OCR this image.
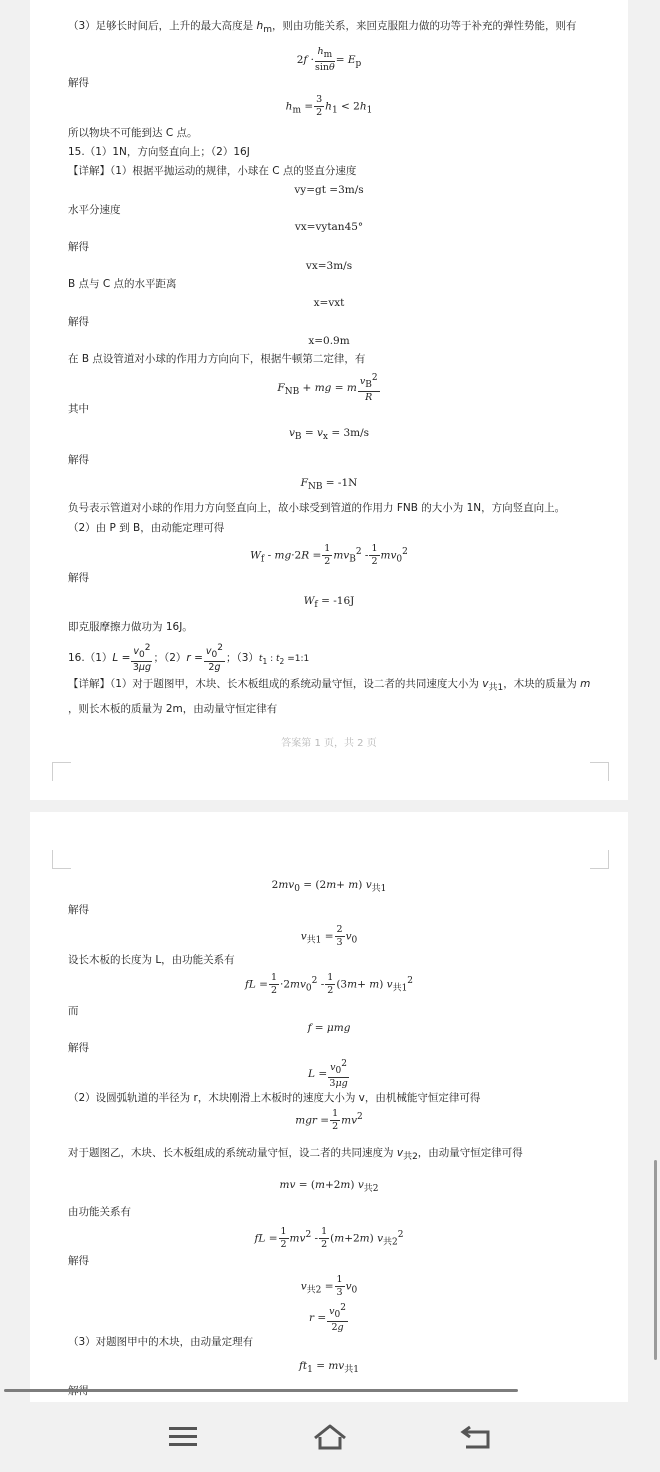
（3）足够长时间后，上升的最大高度是 $h_m$，则由功能关系，来回克服阻力做的功等于补充的弹性势能，则有
$2f \cdot \frac{h_m}{\sin\theta} = E_p$
解得
$h_m = \frac{3}{2} h_1 < 2h_1$
所以物块不可能到达 C 点。
15.（1）1N，方向竖直向上；（2）16J
【详解】（1）根据平抛运动的规律，小球在 C 点的竖直分速度
vy=gt =3m/s
水平分速度
vx=vytan45°
解得
vx=3m/s
B 点与 C 点的水平距离
x=vxt
解得
x=0.9m
在 B 点设管道对小球的作用力方向向下，根据牛顿第二定律，有
$F_{NB}$ + mg = m $\frac{v_B^2}{R}$
其中
$v_B = v_x = 3m/s$
解得
$F_{NB} = -1N$
负号表示管道对小球的作用力方向竖直向上，故小球受到管道的作用力 FNB 的大小为 1N，方向竖直向上。
（2）由 P 到 B，由动能定理可得
$W_f - mg\cdot 2R = \frac{1}{2} mv_B^2 - \frac{1}{2} mv_0^2$
解得
$W_f = -16J$
即克服摩擦力做功为 16J。
$16.(1)L = \frac{v_0^2}{3\mu g}$ ；$(2)r = \frac{v_0^2}{2g}$ ；$(3)t_1$ : $t_2$ =1:1
【详解】（1）对于题图甲，木块、长木板组成的系统动量守恒，设二者的共同速度大小为 $v_{共1}$，木块的质量为 m
，则长木板的质量为 2m，由动量守恒定律有
答案第 1 页，共 2 页
$2mv_0 = (2m+ m)$ $v_{共1}$
解得
$v_{共1} = \frac{2}{3} v_0$
设长木板的长度为 L，由功能关系有
fL = $\frac{1}{2} \cdot 2mv_0^2 - \frac{1}{2} (3m+ m)$ $v_{共1}^2$
而
f = μmg
解得
$L = \frac{v_0^2}{3\mu g}$
（2）设圆弧轨道的半径为 r，木块刚滑上木板时的速度大小为 v，由机械能守恒定律可得
mgr = $\frac{1}{2} mv^2$
对于题图乙，木块、长木板组成的系统动量守恒，设二者的共同速度为 $v_{共2}$，由动量守恒定律可得
mv = (m+2m) $v_{共2}$
由功能关系有
fL = $\frac{1}{2} mv^2 - \frac{1}{2} (m+2m)$ $v_{共2}^2$
解得
$v_{共2} = \frac{1}{3} v_0$
$r = \frac{v_0^2}{2g}$
（3）对题图甲中的木块，由动量定理有
$ft_1 = mv_{共1}$
